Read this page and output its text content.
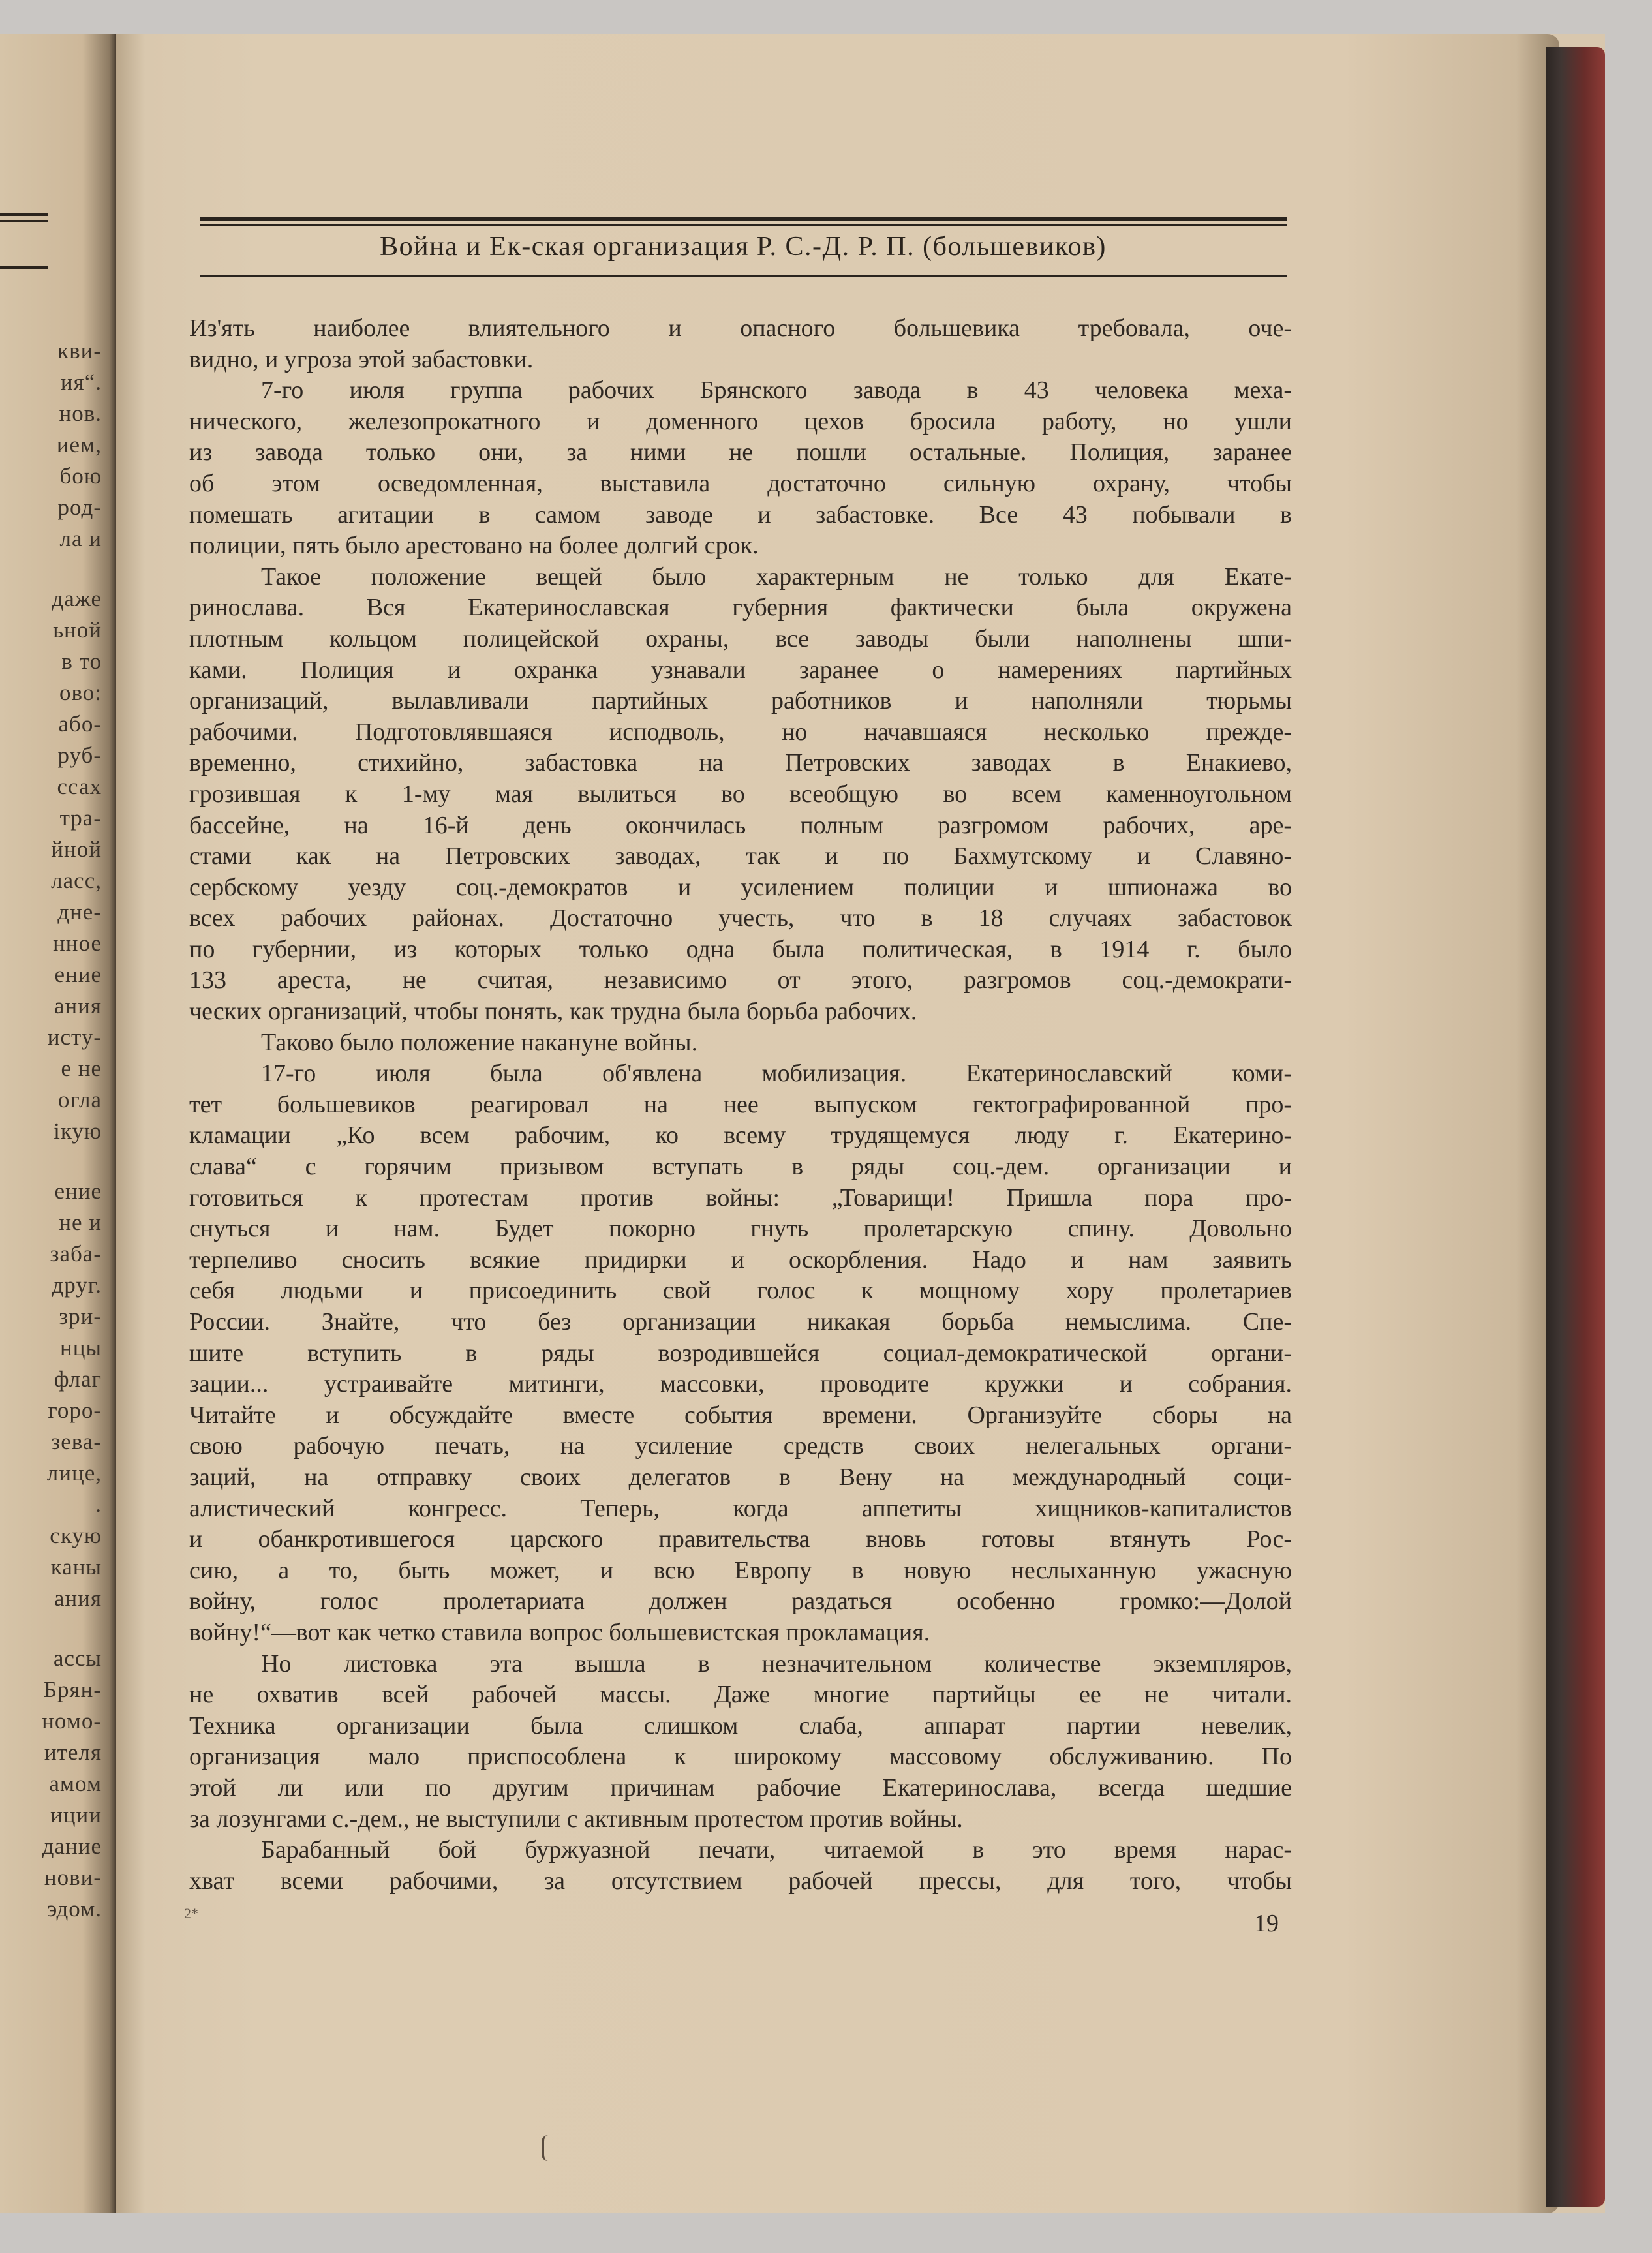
кви-
ия“.
нов.
ием,
бою
род-
ла и
даже
ьной
в то
ово:
або-
руб-
ссах
тра-
йной
ласс,
дне-
нное
ение
ания
исту-
е не
огла
ікую
ение
не и
заба-
друг.
зри-
нцы
флаг
горо-
зева-
лице,
.
скую
каны
ания
ассы
Брян-
номо-
ителя
амом
иции
дание
нови-
эдом.
Война и Ек-ская организация Р. С.-Д. Р. П. (большевиков)
Из'ять наиболее влиятельного и опасного большевика требовала, оче-
видно, и угроза этой забастовки.
7-го июля группа рабочих Брянского завода в 43 человека меха-
нического, железопрокатного и доменного цехов бросила работу, но ушли
из завода только они, за ними не пошли остальные. Полиция, заранее
об этом осведомленная, выставила достаточно сильную охрану, чтобы
помешать агитации в самом заводе и забастовке. Все 43 побывали в
полиции, пять было арестовано на более долгий срок.
Такое положение вещей было характерным не только для Екате-
ринослава. Вся Екатеринославская губерния фактически была окружена
плотным кольцом полицейской охраны, все заводы были наполнены шпи-
ками. Полиция и охранка узнавали заранее о намерениях партийных
организаций, вылавливали партийных работников и наполняли тюрьмы
рабочими. Подготовлявшаяся исподволь, но начавшаяся несколько прежде-
временно, стихийно, забастовка на Петровских заводах в Енакиево,
грозившая к 1-му мая вылиться во всеобщую во всем каменноугольном
бассейне, на 16-й день окончилась полным разгромом рабочих, аре-
стами как на Петровских заводах, так и по Бахмутскому и Славяно-
сербскому уезду соц.-демократов и усилением полиции и шпионажа во
всех рабочих районах. Достаточно учесть, что в 18 случаях забастовок
по губернии, из которых только одна была политическая, в 1914 г. было
133 ареста, не считая, независимо от этого, разгромов соц.-демократи-
ческих организаций, чтобы понять, как трудна была борьба рабочих.
Таково было положение накануне войны.
17-го июля была об'явлена мобилизация. Екатеринославский коми-
тет большевиков реагировал на нее выпуском гектографированной про-
кламации „Ко всем рабочим, ко всему трудящемуся люду г. Екатерино-
слава“ с горячим призывом вступать в ряды соц.-дем. организации и
готовиться к протестам против войны: „Товарищи! Пришла пора про-
снуться и нам. Будет покорно гнуть пролетарскую спину. Довольно
терпеливо сносить всякие придирки и оскорбления. Надо и нам заявить
себя людьми и присоединить свой голос к мощному хору пролетариев
России. Знайте, что без организации никакая борьба немыслима. Спе-
шите вступить в ряды возродившейся социал-демократической органи-
зации... устраивайте митинги, массовки, проводите кружки и собрания.
Читайте и обсуждайте вместе события времени. Организуйте сборы на
свою рабочую печать, на усиление средств своих нелегальных органи-
заций, на отправку своих делегатов в Вену на международный соци-
алистический конгресс. Теперь, когда аппетиты хищников-капиталистов
и обанкротившегося царского правительства вновь готовы втянуть Рос-
сию, а то, быть может, и всю Европу в новую неслыханную ужасную
войну, голос пролетариата должен раздаться особенно громко:—Долой
войну!“—вот как четко ставила вопрос большевистская прокламация.
Но листовка эта вышла в незначительном количестве экземпляров,
не охватив всей рабочей массы. Даже многие партийцы ее не читали.
Техника организации была слишком слаба, аппарат партии невелик,
организация мало приспособлена к широкому массовому обслуживанию. По
этой ли или по другим причинам рабочие Екатеринослава, всегда шедшие
за лозунгами с.-дем., не выступили с активным протестом против войны.
Барабанный бой буржуазной печати, читаемой в это время нарас-
хват всеми рабочими, за отсутствием рабочей прессы, для того, чтобы
2*	19
